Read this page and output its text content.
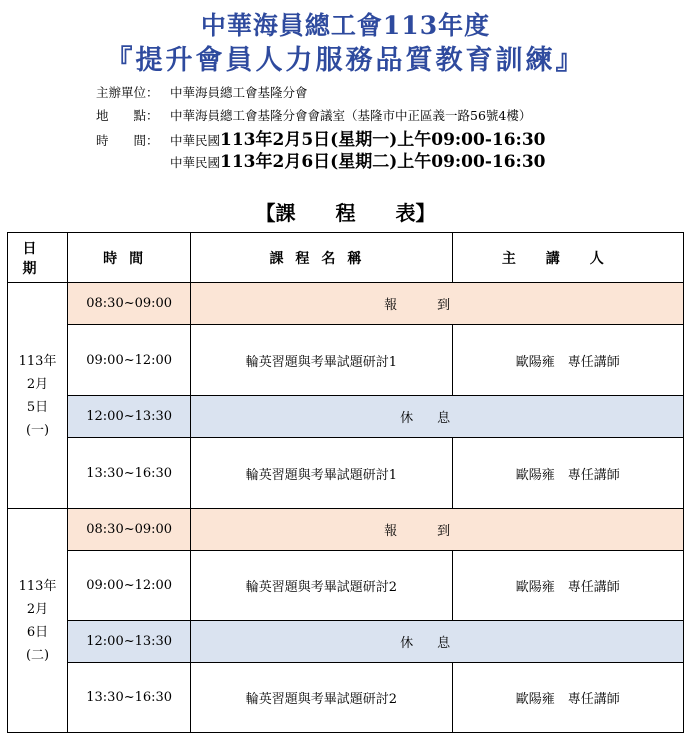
中華海員總工會113年度
『提升會員人力服務品質教育訓練』
主辦單位： 中華海員總工會基隆分會
地　　點： 中華海員總工會基隆分會會議室（基隆市中正區義一路56號4樓）
時　　間： 中華民國113年2月5日(星期一)上午09:00-16:30
中華民國113年2月6日(星期二)上午09:00-16:30
【課　　程　　表】
日期	時間	課程名稱	主講人

113年
2月
5日
(一)	08:30~09:00	報到	
	09:00~12:00	輪英習題與考畢試題研討1	歐陽雍　專任講師
	12:00~13:30	休息	
	13:30~16:30	輪英習題與考畢試題研討1	歐陽雍　專任講師

113年
2月
6日
(二)	08:30~09:00	報到	
	09:00~12:00	輪英習題與考畢試題研討2	歐陽雍　專任講師
	12:00~13:30	休息	
	13:30~16:30	輪英習題與考畢試題研討2	歐陽雍　專任講師
